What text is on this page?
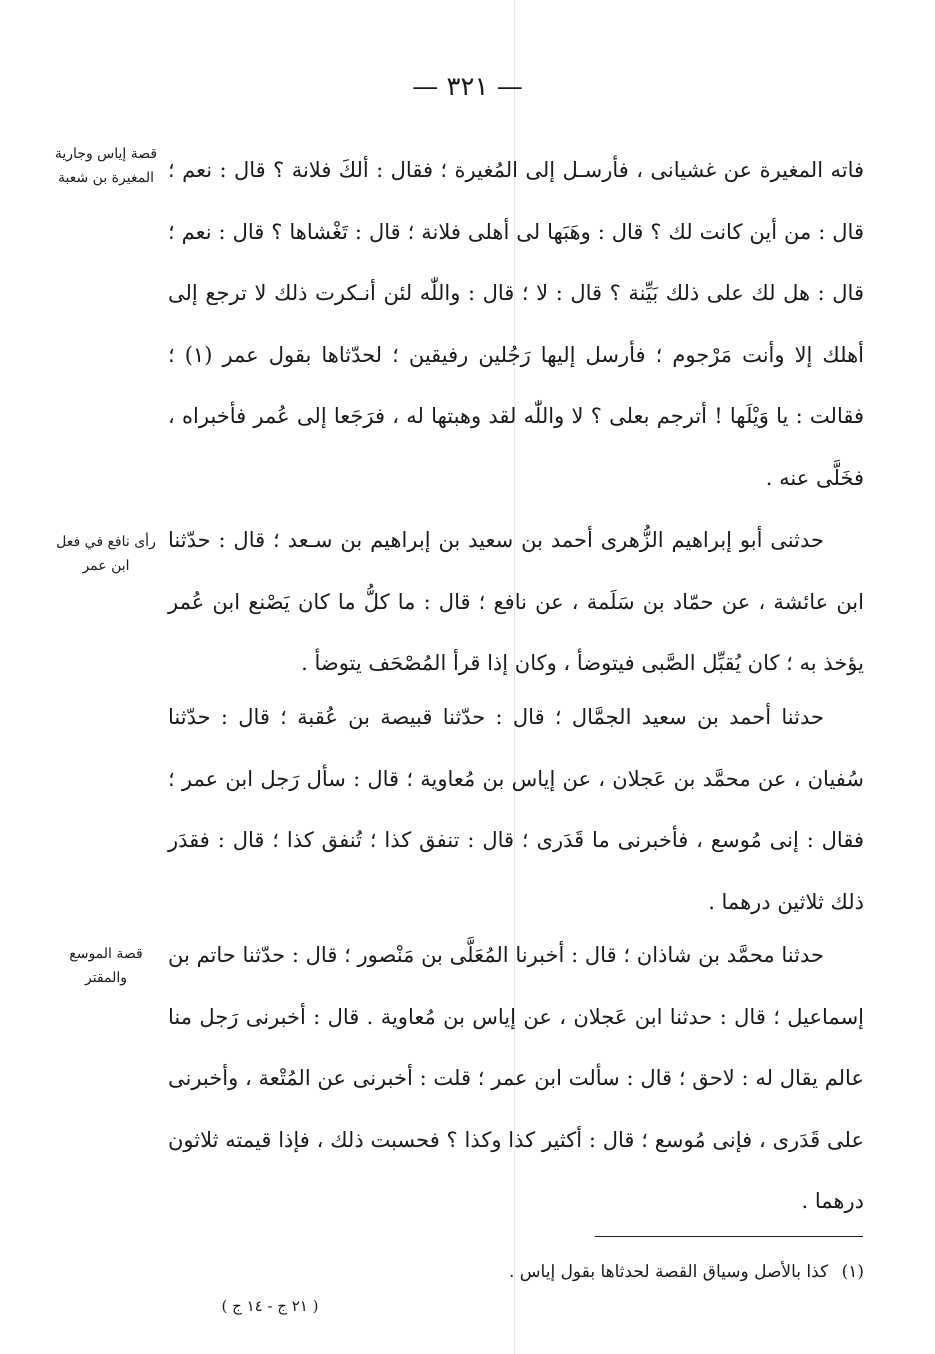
— ٣٢١ —
قصة إياس وجارية المغيرة بن شعبة
رأى نافع في فعل ابن عمر
قصة الموسع والمقتر

فاته المغيرة عن غشيانى ، فأرسـل إلى المُغيرة ؛ فقال : ألكَ فلانة ؟ قال : نعم ؛ قال : من أين كانت لك ؟ قال : وهَبَها لى أهلى فلانة ؛ قال : تَغْشاها ؟ قال : نعم ؛ قال : هل لك على ذلك بَيِّنة ؟ قال : لا ؛ قال : واللّٰه لئن أنـكرت ذلك لا ترجع إلى أهلك إلا وأنت مَرْجوم ؛ فأرسل إليها رَجُلين رفيقين ؛ لحدّثاها بقول عمر (١) ؛ فقالت : يا وَيْلَها ! أترجم بعلى ؟ لا واللّٰه لقد وهبتها له ، فرَجَعا إلى عُمر فأخبراه ، فخَلَّى عنه .

حدثنى أبو إبراهيم الزُّهرى أحمد بن سعيد بن إبراهيم بن سـعد ؛ قال : حدّثنا ابن عائشة ، عن حمّاد بن سَلَمة ، عن نافع ؛ قال : ما كلُّ ما كان يَصْنع ابن عُمر يؤخذ به ؛ كان يُقبِّل الصَّبى فيتوضأ ، وكان إذا قرأ المُصْحَف يتوضأ .

حدثنا أحمد بن سعيد الجمَّال ؛ قال : حدّثنا قبيصة بن عُقبة ؛ قال : حدّثنا سُفيان ، عن محمَّد بن عَجلان ، عن إياس بن مُعاوية ؛ قال : سأل رَجل ابن عمر ؛ فقال : إنى مُوسع ، فأخبرنى ما قَدَرى ؛ قال : تنفق كذا ؛ تُنفق كذا ؛ قال : فقدَر ذلك ثلاثين درهما .

حدثنا محمَّد بن شاذان ؛ قال : أخبرنا المُعَلَّى بن مَنْصور ؛ قال : حدّثنا حاتم بن إسماعيل ؛ قال : حدثنا ابن عَجلان ، عن إياس بن مُعاوية . قال : أخبرنى رَجل منا عالم يقال له : لاحق ؛ قال : سألت ابن عمر ؛ قلت : أخبرنى عن المُتْعة ، وأخبرنى على قَدَرى ، فإنى مُوسع ؛ قال : أكثير كذا وكذا ؟ فحسبت ذلك ، فإذا قيمته ثلاثون درهما .

(١) كذا بالأصل وسياق القصة لحدثاها بقول إياس .
( ٢١ ج - ١٤ ج )
